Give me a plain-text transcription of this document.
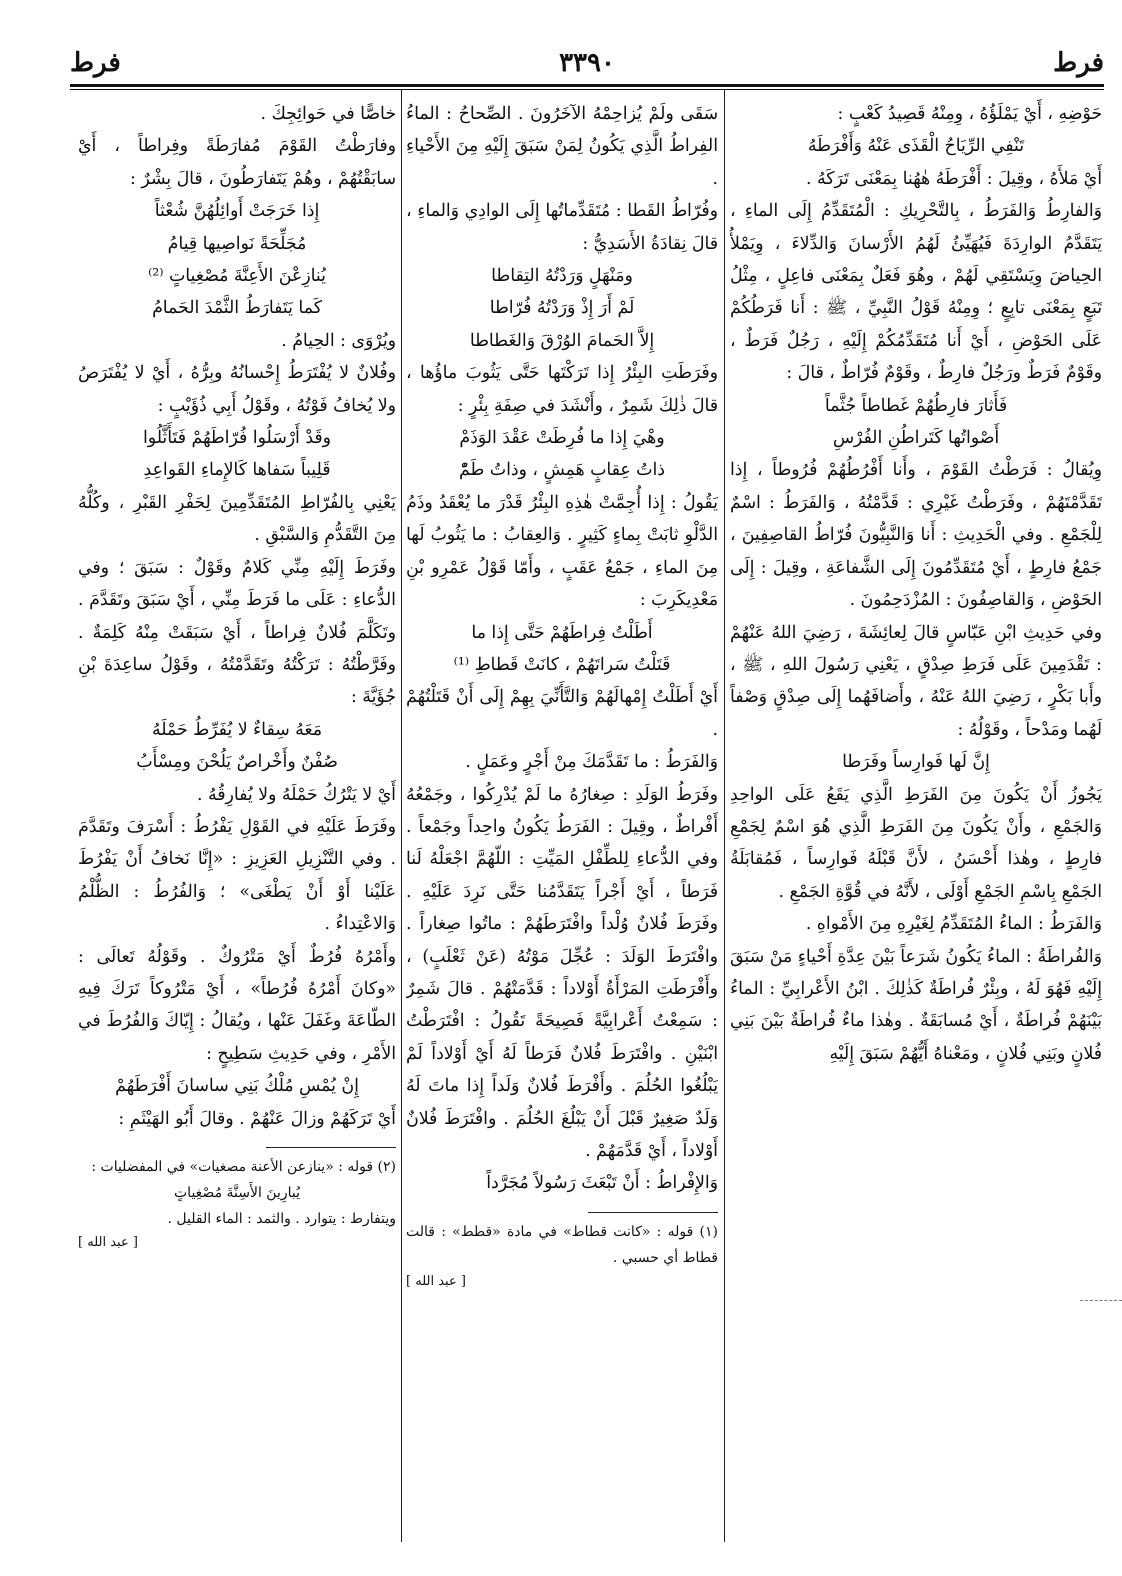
فرط
٣٣٩٠
فرط

حَوْضِهِ ، أَيْ يَمْلَؤُهُ ، وِمِنْهُ قَصِيدُ كَعْبٍ :

تَنْفِي الرِّيَاحُ الْقَذَى عَنْهُ وَأَفْرَطَهُ

أَيْ مَلأَهُ ، وقِيلَ : أَفْرَطَهُ هٰهُنا بِمَعْنَى تَرَكَهُ .

وَالفارِطُ وَالفَرَطُ ، بِالتَّحْرِيكِ : الْمُتَقَدِّمُ إِلَى الماءِ ، يَتَقَدَّمُ الوارِدَةَ فَيُهَيِّئُ لَهُمُ الأَرْسانَ وَالدِّلاءَ ، وِيَمْلأُ الحِياضَ وِيَسْتَقِي لَهُمْ ، وهُوَ فَعَلٌ بِمَعْنَى فاعِلٍ ، مِثْلُ تَبَعٍ بِمَعْنَى تابِعٍ ؛ وِمِنْهُ قَوْلُ النَّبِيِّ ، ﷺ : أَنا فَرَطُكُمْ عَلَى الحَوْضِ ، أَيْ أَنا مُتَقَدِّمُكُمْ إِلَيْهِ ، رَجُلٌ فَرَطٌ ، وقَوْمٌ فَرَطٌ ورَجُلٌ فارِطٌ ، وقَوْمٌ فُرّاطٌ ، قالَ :

فَأَثارَ فارِطُهُمْ غَطاطاً جُثَّماً

أَصْواتُها كَتَراطُنِ الفُرْسِ

وِيُقالُ : فَرَطْتُ القَوْمَ ، وأَنا أَفْرُطُهُمْ فُرُوطاً ، إِذا تَقَدَّمْتَهُمْ ، وفَرَطْتُ غَيْرِي : قَدَّمْتُهُ ، وَالفَرَطُ : اسْمٌ لِلْجَمْعِ . وفي الْحَدِيثِ : أَنا وَالنَّبِيُّونَ فُرّاطُ القاصِفِينَ ، جَمْعُ فارِطٍ ، أَيْ مُتَقَدِّمُونَ إِلَى الشَّفاعَةِ ، وقِيلَ : إِلَى الحَوْضِ ، وَالقاصِفُونَ : المُزْدَحِمُونَ .

وفي حَدِيثِ ابْنِ عَبّاسٍ قالَ لِعائِشَةَ ، رَضِيَ اللهُ عَنْهُمْ : تَقْدَمِينَ عَلَى فَرَطِ صِدْقٍ ، يَعْنِي رَسُولَ اللهِ ، ﷺ ، وأَبا بَكْرٍ ، رَضِيَ اللهُ عَنْهُ ، وأَضافَهُما إِلَى صِدْقٍ وَصْفاً لَهُما ومَدْحاً ، وقَوْلُهُ :

إِنَّ لَها فَوارِساً وفَرَطا

يَجُوزُ أَنْ يَكُونَ مِنَ الفَرَطِ الَّذِي يَقَعُ عَلَى الواحِدِ وَالجَمْعِ ، وأَنْ يَكُونَ مِنَ الفَرَطِ الَّذِي هُوَ اسْمٌ لِجَمْعِ فارِطٍ ، وهٰذا أَحْسَنُ ، لأَنَّ قَبْلَهُ فَوارِساً ، فَمُقابَلَةُ الجَمْعِ بِاسْمِ الجَمْعِ أَوْلَى ، لأَنَّهُ في قُوَّةِ الجَمْعِ .

وَالفَرَطُ : الماءُ المُتَقَدِّمُ لِغَيْرِهِ مِنَ الأَمْواهِ .

وَالفُراطَةُ : الماءُ يَكُونُ شَرَعاً بَيْنَ عِدَّةِ أَحْياءٍ مَنْ سَبَقَ إِلَيْهِ فَهُوَ لَهُ ، وبِئْرٌ فُراطَةٌ كَذٰلِكَ . ابْنُ الأَعْرابِيِّ : الماءُ بَيْنَهُمْ فُراطَةٌ ، أَيْ مُسابَقَةٌ . وهٰذا ماءٌ فُراطَةٌ بَيْنَ بَنِي فُلانٍ وبَنِي فُلانٍ ، ومَعْناهُ أَيُّهُمْ سَبَقَ إِلَيْهِ

سَقَى ولَمْ يُزاحِمْهُ الآخَرُونَ . الصِّحاحُ : الماءُ الفِراطُ الَّذِي يَكُونُ لِمَنْ سَبَقَ إِلَيْهِ مِنَ الأَحْياءِ .

وفُرّاطُ القَطا : مُتَقَدِّماتُها إِلَى الوادِي وَالماءِ ، قالَ نِقادَةُ الأَسَدِيُّ :

ومَنْهَلٍ وَرَدْتُهُ التِقاطا

لَمْ أَرَ إِذْ وَرَدْتُهُ فُرّاطا

إِلاَّ الحَمامَ الوُرْقَ وَالغَطاطا

وفَرَطَتِ البِئْرُ إِذا تَرَكْتَها حَتَّى يَثُوبَ ماؤُها ، قالَ ذٰلِكَ شَمِرٌ ، وأَنْشَدَ في صِفَةِ بِئْرٍ :

وهْيَ إِذا ما فُرِطَتْ عَقْدَ الوَذَمْ

ذاتُ عِقابٍ هَمِشٍ ، وذاتُ طَمّْ

يَقُولُ : إِذا أُجِمَّتْ هٰذِهِ البِئْرُ قَدْرَ ما يُعْقَدُ وذَمُ الدَّلْوِ ثابَتْ بِماءٍ كَثِيرٍ . وَالعِقابُ : ما يَثُوبُ لَها مِنَ الماءِ ، جَمْعُ عَقَبٍ ، وأَمّا قَوْلُ عَمْرِو بْنِ مَعْدِيكَرِبَ :

أَطَلْتُ فِراطَهُمْ حَتَّى إِذا ما

قَتَلْتُ سَراتَهُمْ ، كانَتْ قَطاطِ ⁽¹⁾

أَيْ أَطَلْتُ إِمْهالَهُمْ وَالتَّأَنِّيَ بِهِمْ إِلَى أَنْ قَتَلْتُهُمْ .

وَالفَرَطُ : ما تَقَدَّمَكَ مِنْ أَجْرٍ وعَمَلٍ .

وفَرَطُ الوَلَدِ : صِغارُهُ ما لَمْ يُدْرِكُوا ، وجَمْعُهُ أَفْراطٌ ، وقِيلَ : الفَرَطُ يَكُونُ واحِداً وجَمْعاً . وفي الدُّعاءِ لِلطِّفْلِ المَيِّتِ : اللّهُمَّ اجْعَلْهُ لَنا فَرَطاً ، أَيْ أَجْراً يَتَقَدَّمُنا حَتَّى نَرِدَ عَلَيْهِ . وفَرَطَ فُلانٌ وُلْداً وافْتَرَطَهُمْ : ماتُوا صِغاراً . وافْتَرَطَ الوَلَدَ : عُجِّلَ مَوْتُهُ (عَنْ ثَعْلَبٍ) ، وأَفْرَطَتِ المَرْأَةُ أَوْلاداً : قَدَّمَتْهُمْ . قالَ شَمِرٌ : سَمِعْتُ أَعْرابِيَّةً فَصِيحَةً تَقُولُ : افْتَرَطْتُ ابْنَيْنِ . وافْتَرَطَ فُلانٌ فَرَطاً لَهُ أَيْ أَوْلاداً لَمْ يَبْلُغُوا الحُلُمَ . وأَفْرَطَ فُلانٌ وَلَداً إِذا ماتَ لَهُ وَلَدٌ صَغِيرٌ قَبْلَ أَنْ يَبْلُغَ الحُلُمَ . وافْتَرَطَ فُلانٌ أَوْلاداً ، أَيْ قَدَّمَهُمْ .

وَالإِفْراطُ : أَنْ تَبْعَثَ رَسُولاً مُجَرَّداً

(١) قوله : «كانت قطاط» في مادة «قطط» : قالت قطاط أي حسبي .

[ عبد الله ]

خاصًّا في حَوائِجِكَ .

وفارَطْتُ القَوْمَ مُفارَطَةً وفِراطاً ، أَيْ سابَقْتُهُمْ ، وهُمْ يَتَفارَطُونَ ، قالَ بِشْرٌ :

إِذا خَرَجَتْ أَوائِلُهُنَّ شُعْثاً

مُجَلِّحَةً نَواصِيها قِيامُ

يُنازِعْنَ الأَعِنَّةَ مُصْغِياتٍ ⁽²⁾

كَما يَتَفارَطُ الثَّمْدَ الحَمامُ

ويُرْوَى : الحِيامُ .

وفُلانٌ لا يُفْتَرَطُ إِحْسانُهُ وبِرُّهُ ، أَيْ لا يُفْتَرَصُ ولا يُخافُ فَوْتُهُ ، وقَوْلُ أَبِي ذُؤَيْبٍ :

وقَدْ أَرْسَلُوا فُرّاطَهُمْ فَتَأَثَّلُوا

قَلِيباً سَفاها كَالإِماءِ القَواعِدِ

يَعْنِي بِالفُرّاطِ المُتَقَدِّمِينَ لِحَفْرِ القَبْرِ ، وكُلُّهُ مِنَ التَّقَدُّمِ وَالسَّبْقِ .

وفَرَطَ إِلَيْهِ مِنِّي كَلامٌ وقَوْلٌ : سَبَقَ ؛ وفي الدُّعاءِ : عَلَى ما فَرَطَ مِنِّي ، أَيْ سَبَقَ وتَقَدَّمَ . وتَكَلَّمَ فُلانٌ فِراطاً ، أَيْ سَبَقَتْ مِنْهُ كَلِمَةٌ . وفَرَّطْتُهُ : تَرَكْتُهُ وتَقَدَّمْتُهُ ، وقَوْلُ ساعِدَةَ بْنِ جُؤَيَّةَ :

مَعَهُ سِقاءٌ لا يُفَرِّطُ حَمْلَهُ

صُفْنٌ وأَخْراصٌ يَلُحْنَ ومِسْأَبُ

أَيْ لا يَتْرُكُ حَمْلَهُ ولا يُفارِقُهُ .

وفَرَطَ عَلَيْهِ في القَوْلِ يَفْرُطُ : أَسْرَفَ وتَقَدَّمَ . وفي التَّنْزِيلِ العَزِيزِ : «إِنَّا نَخافُ أَنْ يَفْرُطَ عَلَيْنا أَوْ أَنْ يَطْغَى» ؛ وَالفُرُطُ : الظُّلْمُ وَالاعْتِداءُ .

وأَمْرُهُ فُرُطٌ أَيْ مَتْرُوكٌ . وقَوْلُهُ تَعالَى : «وكانَ أَمْرُهُ فُرُطاً» ، أَيْ مَتْرُوكاً تَرَكَ فِيهِ الطّاعَةَ وغَفَلَ عَنْها ، ويُقالُ : إِيّاكَ وَالفُرُطَ في الأَمْرِ ، وفي حَدِيثِ سَطِيحٍ :

إِنْ يُمْسِ مُلْكُ بَنِي ساسانَ أَفْرَطَهُمْ

أَيْ تَرَكَهُمْ وزالَ عَنْهُمْ . وقالَ أَبُو الهَيْثَمِ :

(٢) قوله : «ينازعن الأعنة مصغيات» في المفضليات :

يُبارِينَ الأَسِنَّةَ مُصْغِياتٍ

ويتفارط : يتوارد . والثمد : الماء القليل .

[ عبد الله ]
